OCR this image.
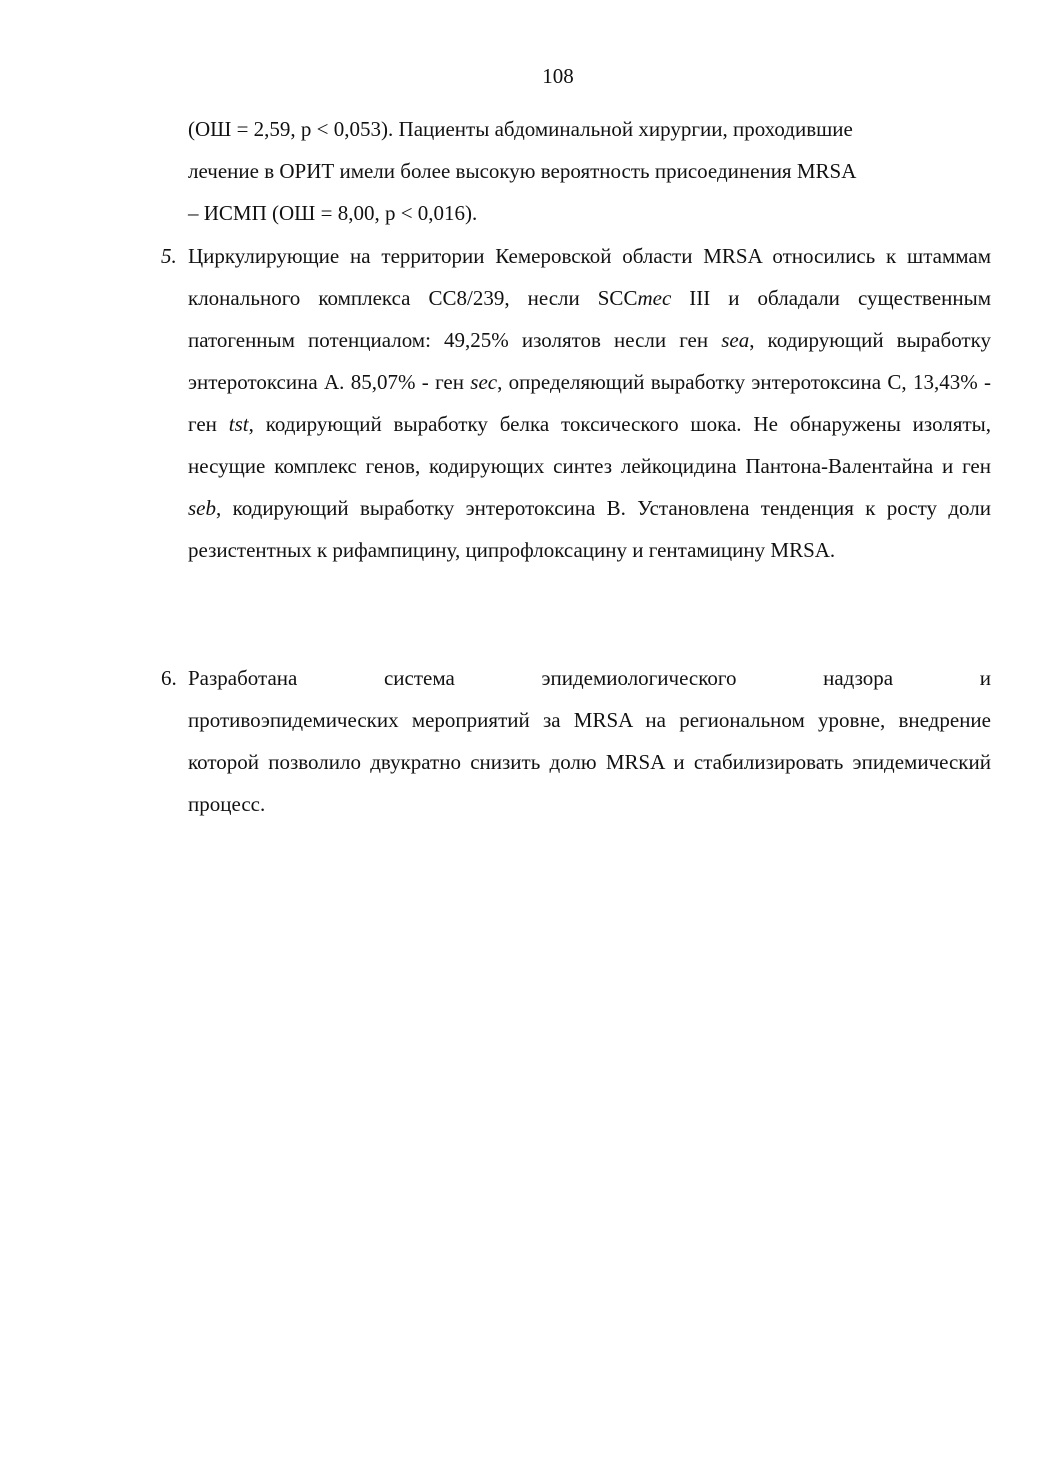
108
(ОШ = 2,59, p < 0,053). Пациенты абдоминальной хирургии, проходившие
лечение в ОРИТ имели более высокую вероятность присоединения MRSA
– ИСМП (ОШ = 8,00, p < 0,016).
5. Циркулирующие на территории Кемеровской области MRSA относились к штаммам клонального комплекса СС8/239, несли SCCmec III и обладали существенным патогенным потенциалом: 49,25% изолятов несли ген sea, кодирующий выработку энтеротоксина А. 85,07% - ген sec, определяющий выработку энтеротоксина С, 13,43% - ген tst, кодирующий выработку белка токсического шока. Не обнаружены изоляты, несущие комплекс генов, кодирующих синтез лейкоцидина Пантона-Валентайна и ген seb, кодирующий выработку энтеротоксина В. Установлена тенденция к росту доли резистентных к рифампицину, ципрофлоксацину и гентамицину MRSA.
6. Разработана	система	эпидемиологического	надзора	и
противоэпидемических мероприятий за MRSA на региональном уровне, внедрение которой позволило двукратно снизить долю MRSA и стабилизировать эпидемический процесс.
